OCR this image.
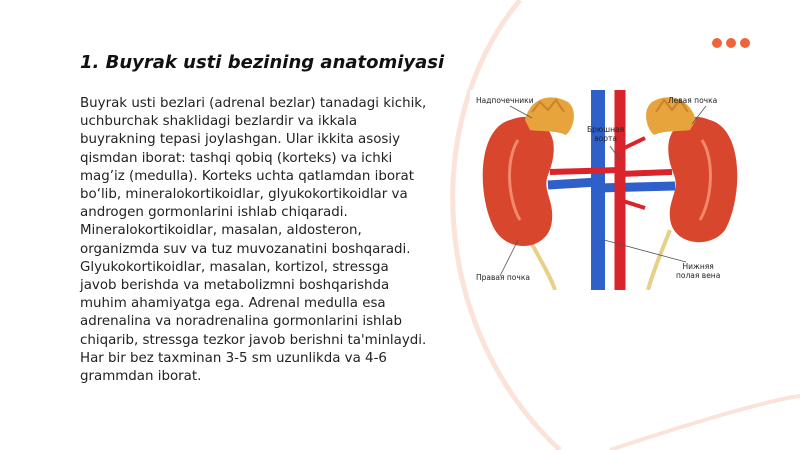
1. Buyrak usti bezining anatomiyasi

Buyrak usti bezlari (adrenal bezlar) tanadagi kichik, uchburchak shaklidagi bezlardir va ikkala buyrakning tepasi joylashgan. Ular ikkita asosiy qismdan iborat: tashqi qobiq (korteks) va ichki mag’iz (medulla). Korteks uchta qatlamdan iborat bo‘lib, mineralokortikoidlar, glyukokortikoidlar va androgen gormonlarini ishlab chiqaradi. Mineralokortikoidlar, masalan, aldosteron, organizmda suv va tuz muvozanatini boshqaradi. Glyukokortikoidlar, masalan, kortizol, stressga javob berishda va metabolizmni boshqarishda muhim ahamiyatga ega. Adrenal medulla esa adrenalina va noradrenalina gormonlarini ishlab chiqarib, stressga tezkor javob berishni ta'minlaydi. Har bir bez taxminan 3-5 sm uzunlikda va 4-6 grammdan iborat.

Надпочечники	Левая почка
Брюшная
аорта
Правая почка
Нижняя
полая вена
